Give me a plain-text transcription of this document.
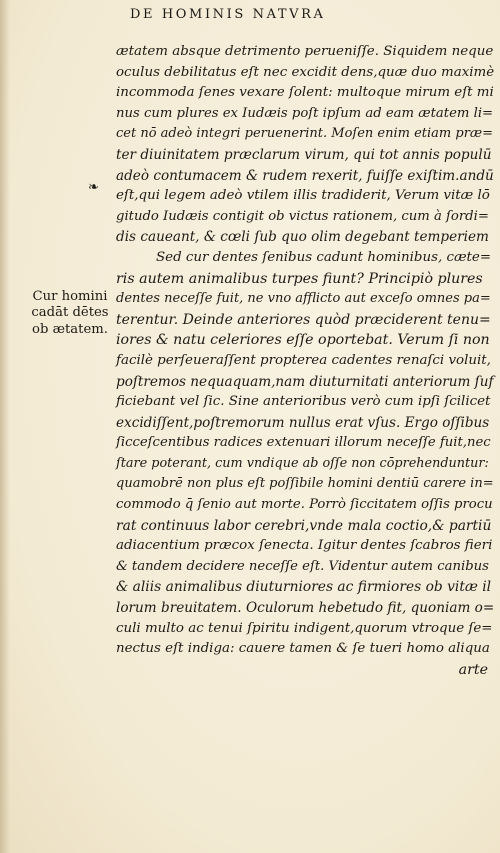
DE HOMINIS NATVRA
Cur homini
cadāt dētes
ob ætatem.
❧
ætatem absque detrimento perueniſſe. Siquidem neque
oculus debilitatus eſt nec excidit dens,quæ duo maximè
incommoda ſenes vexare ſolent: multoque mirum eſt mi
nus cum plures ex Iudæis poſt ipſum ad eam ætatem li=
cet nō adeò integri peruenerint. Moſen enim etiam præ=
ter diuinitatem præclarum virum, qui tot annis populū
adeò contumacem & rudem rexerit, fuiſſe exiſtim.andū
eſt,qui legem adeò vtilem illis tradiderit, Verum vitæ lō
gitudo Iudæis contigit ob victus rationem, cum à ſordi=
dis caueant, & cœli ſub quo olim degebant temperiem
Sed cur dentes ſenibus cadunt hominibus, cæte=
ris autem animalibus turpes fiunt? Principiò plures
dentes neceſſe fuit, ne vno afflicto aut exceſo omnes pa=
terentur. Deinde anteriores quòd præciderent tenu=
iores & natu celeriores eſſe oportebat. Verum ſi non
facilè perſeueraſſent propterea cadentes renaſci voluit,
poſtremos nequaquam,nam diuturnitati anteriorum ſuf
ficiebant vel ſic. Sine anterioribus verò cum ipſi ſcilicet
excidiſſent,poſtremorum nullus erat vſus. Ergo oſſibus
ſicceſcentibus radices extenuari illorum neceſſe fuit,nec
ſtare poterant, cum vndique ab oſſe non cōprehenduntur:
quamobrē non plus eſt poſſibile homini dentiū carere in=
commodo q̄ ſenio aut morte. Porrò ſiccitatem oſſis procu
rat continuus labor cerebri,vnde mala coctio,& partiū
adiacentium præcox ſenecta. Igitur dentes ſcabros fieri
& tandem decidere neceſſe eſt. Videntur autem canibus
& aliis animalibus diuturniores ac firmiores ob vitæ il
lorum breuitatem. Oculorum hebetudo fit, quoniam o=
culi multo ac tenui ſpiritu indigent,quorum vtroque ſe=
nectus eſt indiga: cauere tamen & ſe tueri homo aliqua
arte
